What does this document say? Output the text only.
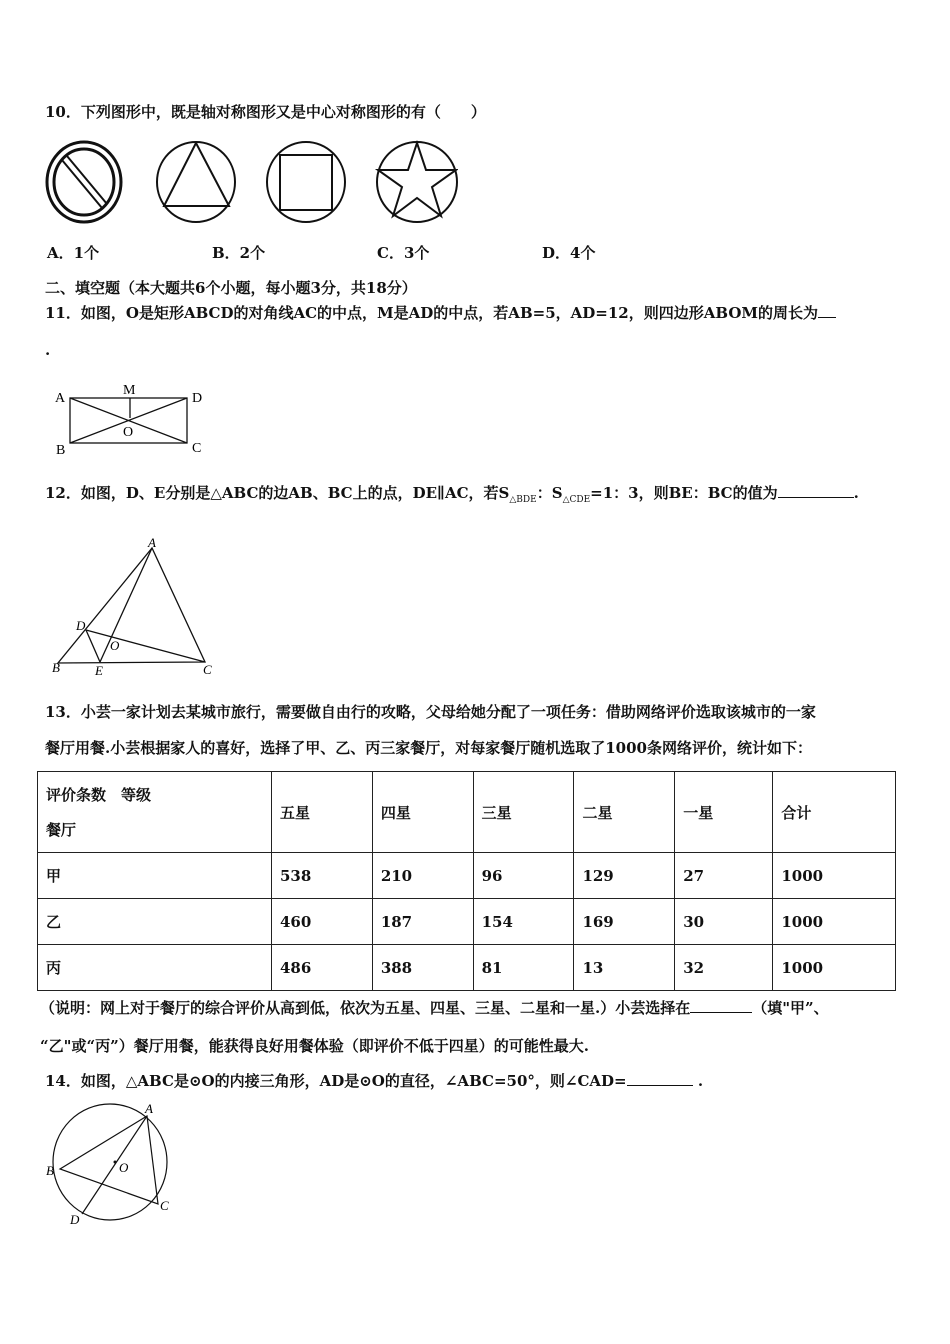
10．下列图形中，既是轴对称图形又是中心对称图形的有（　　）
A．1个	B．2个	C．3个	D．4个
二、填空题（本大题共6个小题，每小题3分，共18分）
11．如图，O是矩形ABCD的对角线AC的中点，M是AD的中点，若AB=5，AD=12，则四边形ABOM的周长为
.
A
M
D
O
B	C
12．如图，D、E分别是△ABC的边AB、BC上的点，DE∥AC，若$S_{\triangle BDE}$：$S_{\triangle CDE}=1$：3，则BE：BC的值为	.
A
B	C
D
E
O
13．小芸一家计划去某城市旅行，需要做自由行的攻略，父母给她分配了一项任务：借助网络评价选取该城市的一家
餐厅用餐.小芸根据家人的喜好，选择了甲、乙、丙三家餐厅，对每家餐厅随机选取了1000条网络评价，统计如下：
评价条数　等级
餐厅	五星	四星	三星	二星	一星	合计
甲	538	210	96	129	27	1000
乙	460	187	154	169	30	1000
丙	486	388	81	13	32	1000
（说明：网上对于餐厅的综合评价从高到低，依次为五星、四星、三星、二星和一星.）小芸选择在	（填"甲”、
“乙"或“丙”）餐厅用餐，能获得良好用餐体验（即评价不低于四星）的可能性最大.
14．如图，△ABC是⊙O的内接三角形，AD是⊙O的直径，∠ABC=50°，则∠CAD=	.
A
B
C
D
O
